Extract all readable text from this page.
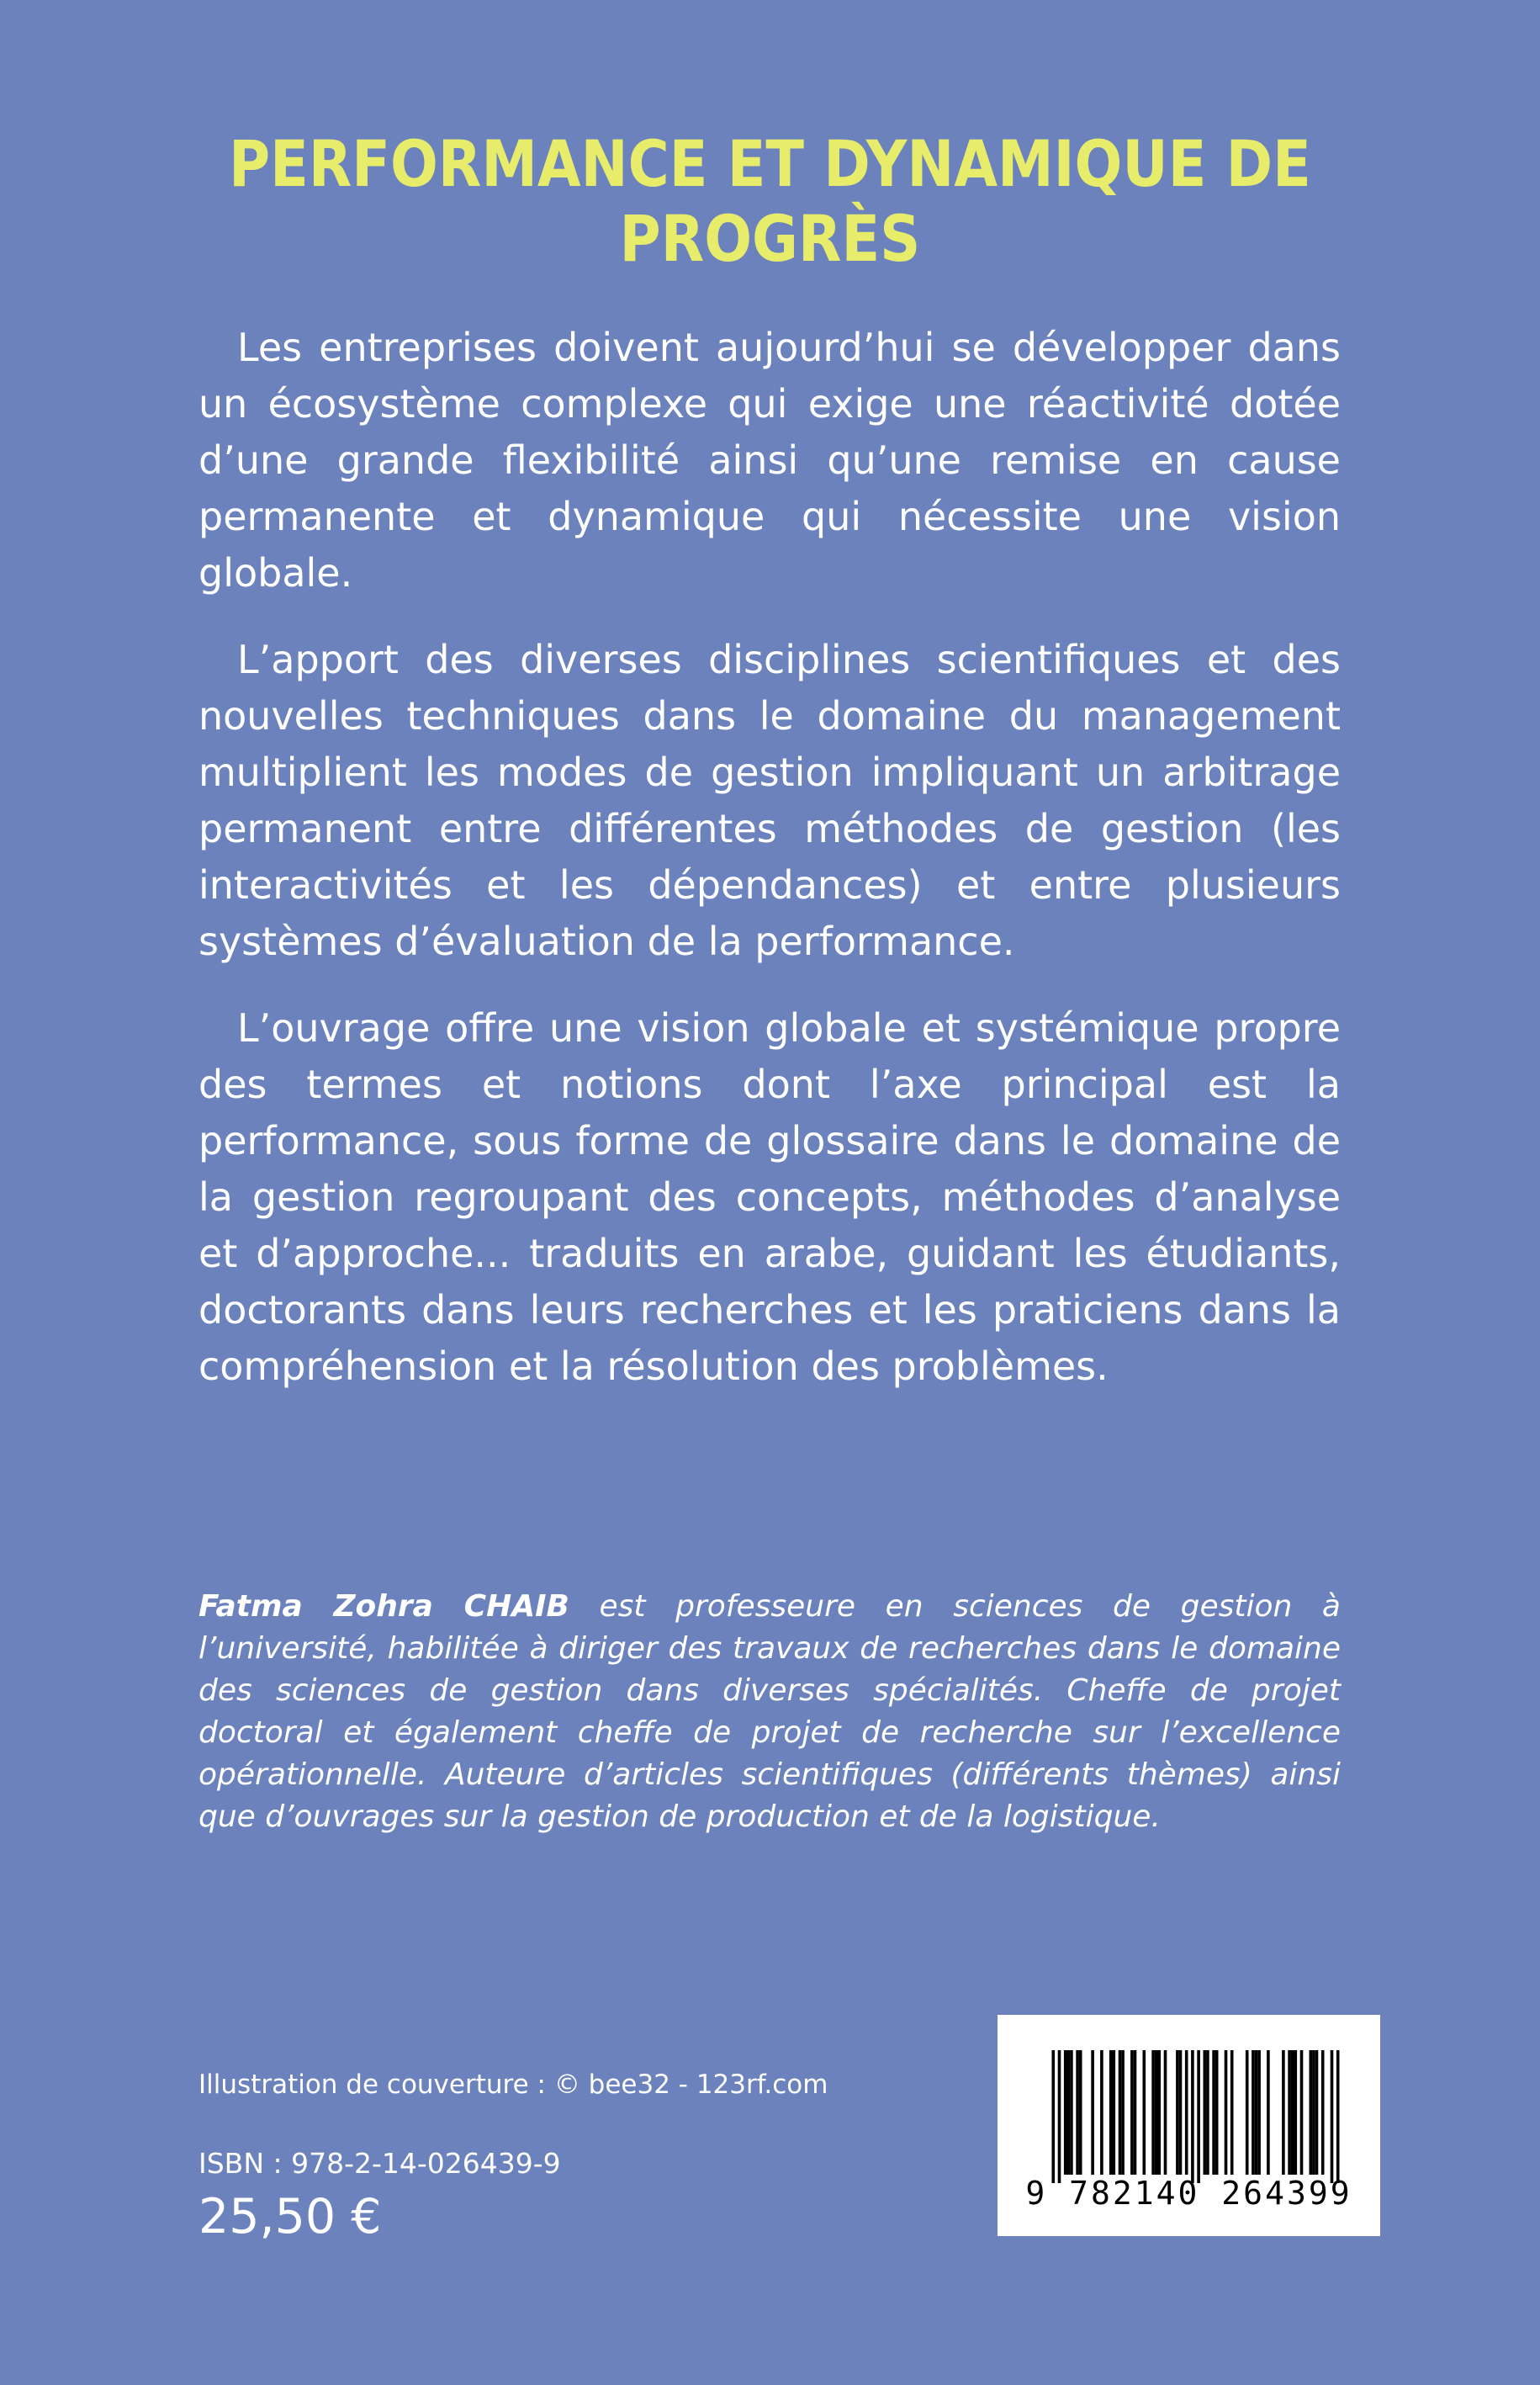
PERFORMANCE ET DYNAMIQUE DE PROGRÈS

Les entreprises doivent aujourd’hui se développer dans un écosystème complexe qui exige une réactivité dotée d’une grande flexibilité ainsi qu’une remise en cause permanente et dynamique qui nécessite une vision globale.

L’apport des diverses disciplines scientifiques et des nouvelles techniques dans le domaine du management multiplient les modes de gestion impliquant un arbitrage permanent entre différentes méthodes de gestion (les interactivités et les dépendances) et entre plusieurs systèmes d’évaluation de la performance.

L’ouvrage offre une vision globale et systémique propre des termes et notions dont l’axe principal est la performance, sous forme de glossaire dans le domaine de la gestion regroupant des concepts, méthodes d’analyse et d’approche... traduits en arabe, guidant les étudiants, doctorants dans leurs recherches et les praticiens dans la compréhension et la résolution des problèmes.

Fatma Zohra CHAIB est professeure en sciences de gestion à l’université, habilitée à diriger des travaux de recherches dans le domaine des sciences de gestion dans diverses spécialités. Cheffe de projet doctoral et également cheffe de projet de recherche sur l’excellence opérationnelle. Auteure d’articles scientifiques (différents thèmes) ainsi que d’ouvrages sur la gestion de production et de la logistique.

Illustration de couverture : © bee32 - 123rf.com
ISBN : 978-2-14-026439-9
25,50 €	9 782140 264399
